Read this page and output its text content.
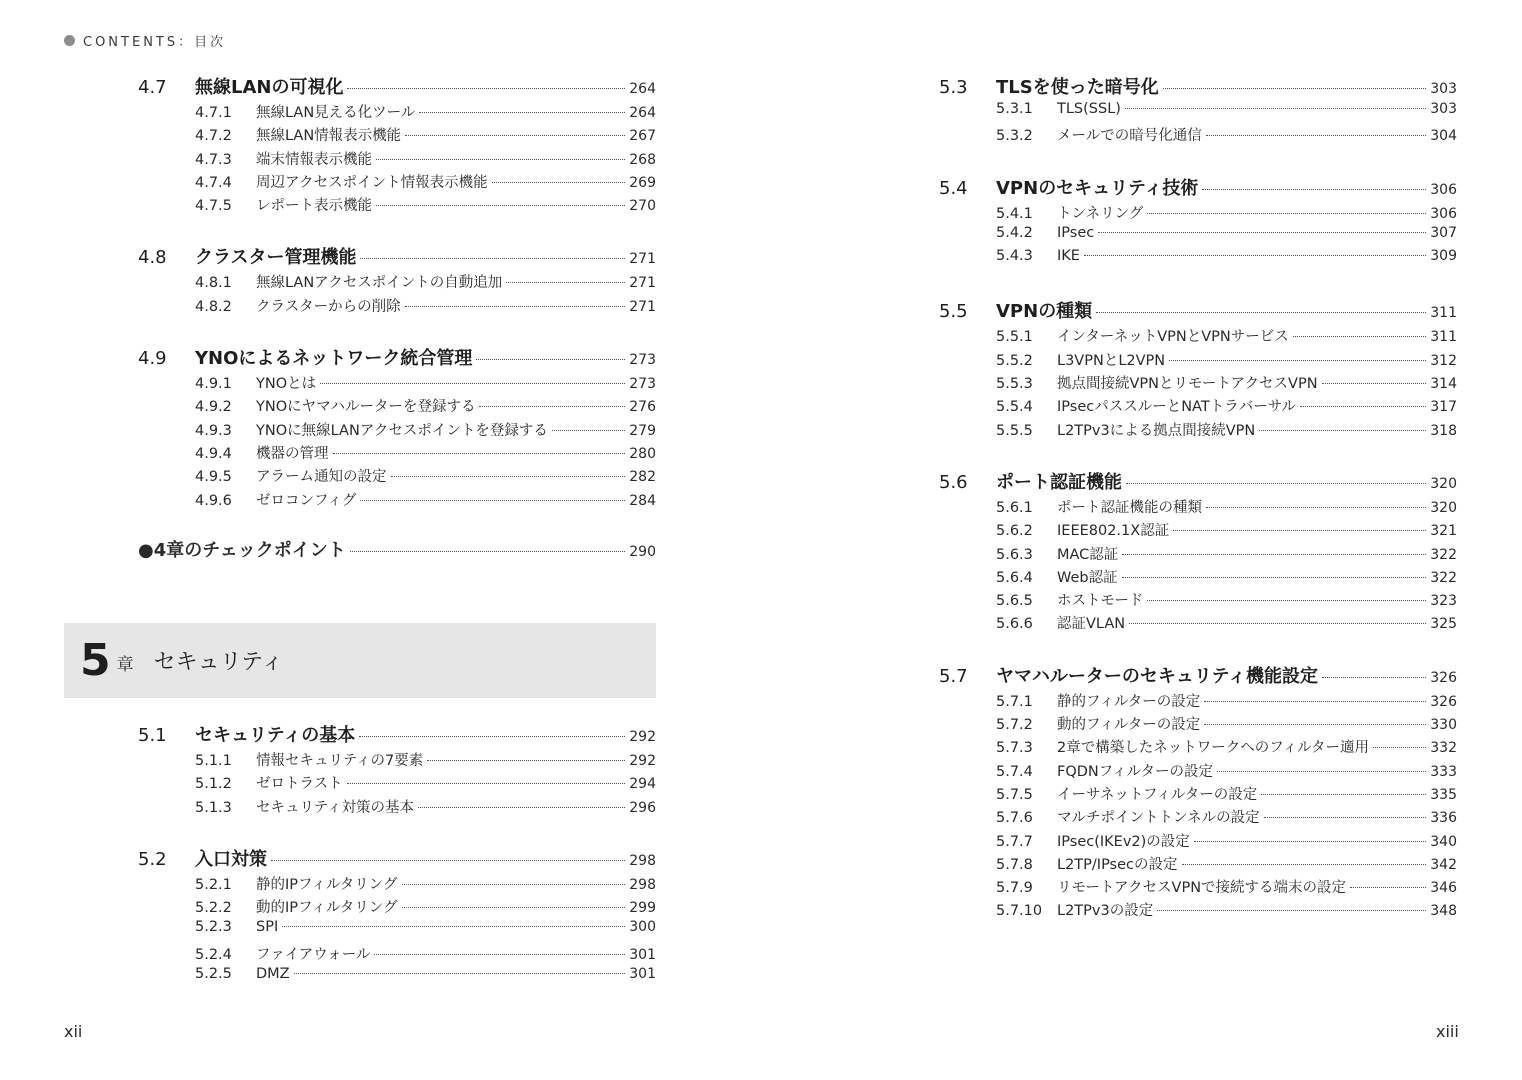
CONTENTS：目次
4.7	無線LANの可視化	264
4.7.1	無線LAN見える化ツール	264
4.7.2	無線LAN情報表示機能	267
4.7.3	端末情報表示機能	268
4.7.4	周辺アクセスポイント情報表示機能	269
4.7.5	レポート表示機能	270
4.8	クラスター管理機能	271
4.8.1	無線LANアクセスポイントの自動追加	271
4.8.2	クラスターからの削除	271
4.9	YNOによるネットワーク統合管理	273
4.9.1	YNOとは	273
4.9.2	YNOにヤマハルーターを登録する	276
4.9.3	YNOに無線LANアクセスポイントを登録する	279
4.9.4	機器の管理	280
4.9.5	アラーム通知の設定	282
4.9.6	ゼロコンフィグ	284
●4章のチェックポイント	290
5 章 セキュリティ
5.1	セキュリティの基本	292
5.1.1	情報セキュリティの7要素	292
5.1.2	ゼロトラスト	294
5.1.3	セキュリティ対策の基本	296
5.2	入口対策	298
5.2.1	静的IPフィルタリング	298
5.2.2	動的IPフィルタリング	299
5.2.3	SPI	300
5.2.4	ファイアウォール	301
5.2.5	DMZ	301
5.3	TLSを使った暗号化	303
5.3.1	TLS(SSL)	303
5.3.2	メールでの暗号化通信	304
5.4	VPNのセキュリティ技術	306
5.4.1	トンネリング	306
5.4.2	IPsec	307
5.4.3	IKE	309
5.5	VPNの種類	311
5.5.1	インターネットVPNとVPNサービス	311
5.5.2	L3VPNとL2VPN	312
5.5.3	拠点間接続VPNとリモートアクセスVPN	314
5.5.4	IPsecパススルーとNATトラバーサル	317
5.5.5	L2TPv3による拠点間接続VPN	318
5.6	ポート認証機能	320
5.6.1	ポート認証機能の種類	320
5.6.2	IEEE802.1X認証	321
5.6.3	MAC認証	322
5.6.4	Web認証	322
5.6.5	ホストモード	323
5.6.6	認証VLAN	325
5.7	ヤマハルーターのセキュリティ機能設定	326
5.7.1	静的フィルターの設定	326
5.7.2	動的フィルターの設定	330
5.7.3	2章で構築したネットワークへのフィルター適用	332
5.7.4	FQDNフィルターの設定	333
5.7.5	イーサネットフィルターの設定	335
5.7.6	マルチポイントトンネルの設定	336
5.7.7	IPsec(IKEv2)の設定	340
5.7.8	L2TP/IPsecの設定	342
5.7.9	リモートアクセスVPNで接続する端末の設定	346
5.7.10	L2TPv3の設定	348
xii	xiii
